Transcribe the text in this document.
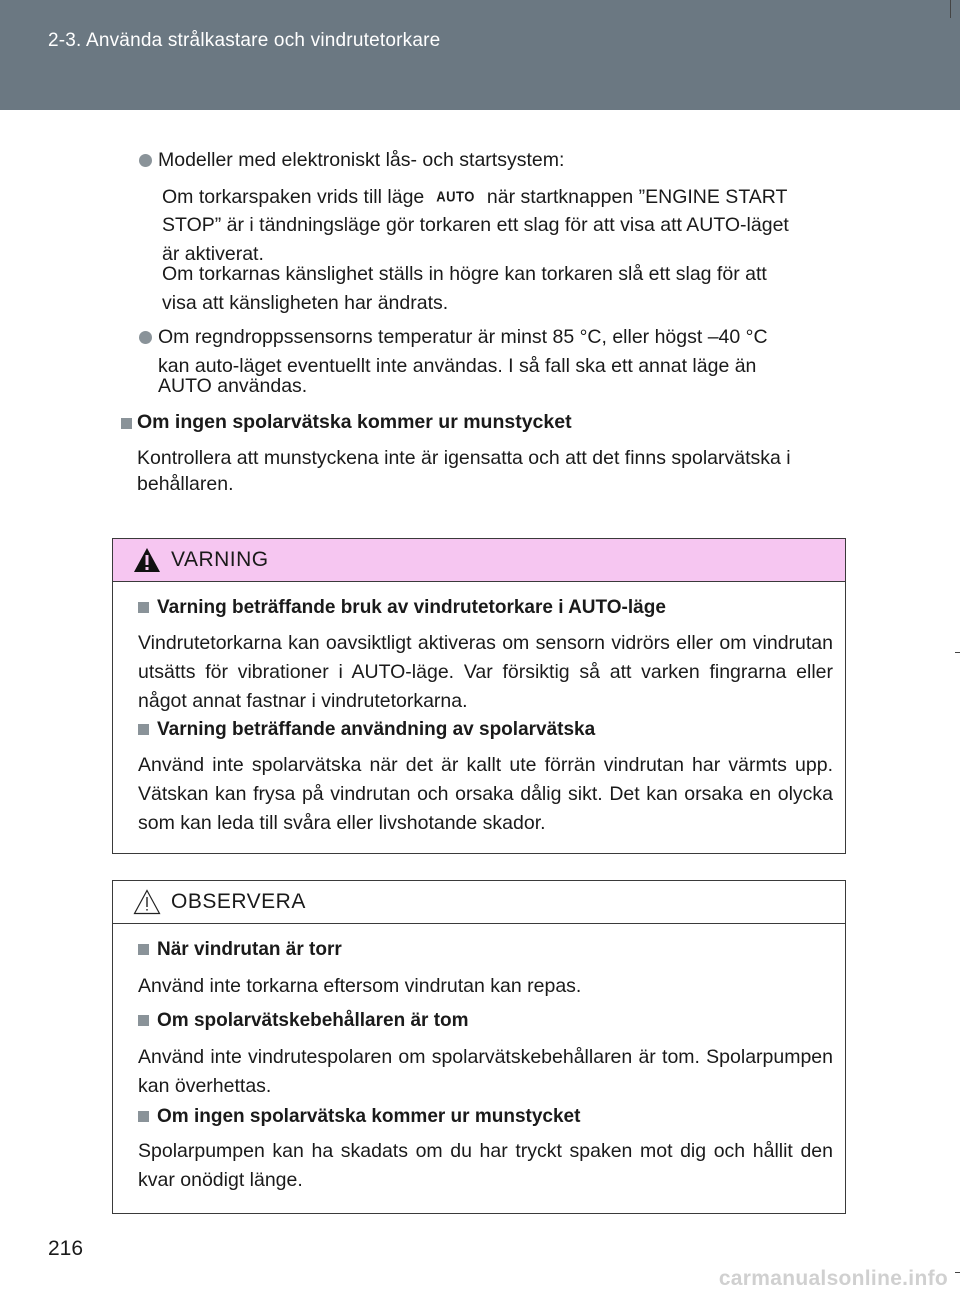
2-3. Använda strålkastare och vindrutetorkare
Modeller med elektroniskt lås- och startsystem:
Om torkarspaken vrids till läge AUTO när startknappen ”ENGINE START
STOP” är i tändningsläge gör torkaren ett slag för att visa att AUTO-läget
är aktiverat.
Om torkarnas känslighet ställs in högre kan torkaren slå ett slag för att
visa att känsligheten har ändrats.
Om regndroppssensorns temperatur är minst 85 °C, eller högst –40 °C
kan auto-läget eventuellt inte användas. I så fall ska ett annat läge än
AUTO användas.
Om ingen spolarvätska kommer ur munstycket
Kontrollera att munstyckena inte är igensatta och att det finns spolarvätska i
behållaren.
VARNING
Varning beträffande bruk av vindrutetorkare i AUTO-läge
Vindrutetorkarna kan oavsiktligt aktiveras om sensorn vidrörs eller om vindrutan utsätts för vibrationer i AUTO-läge. Var försiktig så att varken fingrarna eller något annat fastnar i vindrutetorkarna.
Varning beträffande användning av spolarvätska
Använd inte spolarvätska när det är kallt ute förrän vindrutan har värmts upp. Vätskan kan frysa på vindrutan och orsaka dålig sikt. Det kan orsaka en olycka som kan leda till svåra eller livshotande skador.
OBSERVERA
När vindrutan är torr
Använd inte torkarna eftersom vindrutan kan repas.
Om spolarvätskebehållaren är tom
Använd inte vindrutespolaren om spolarvätskebehållaren är tom. Spolarpumpen kan överhettas.
Om ingen spolarvätska kommer ur munstycket
Spolarpumpen kan ha skadats om du har tryckt spaken mot dig och hållit den kvar onödigt länge.
216
carmanualsonline.info
